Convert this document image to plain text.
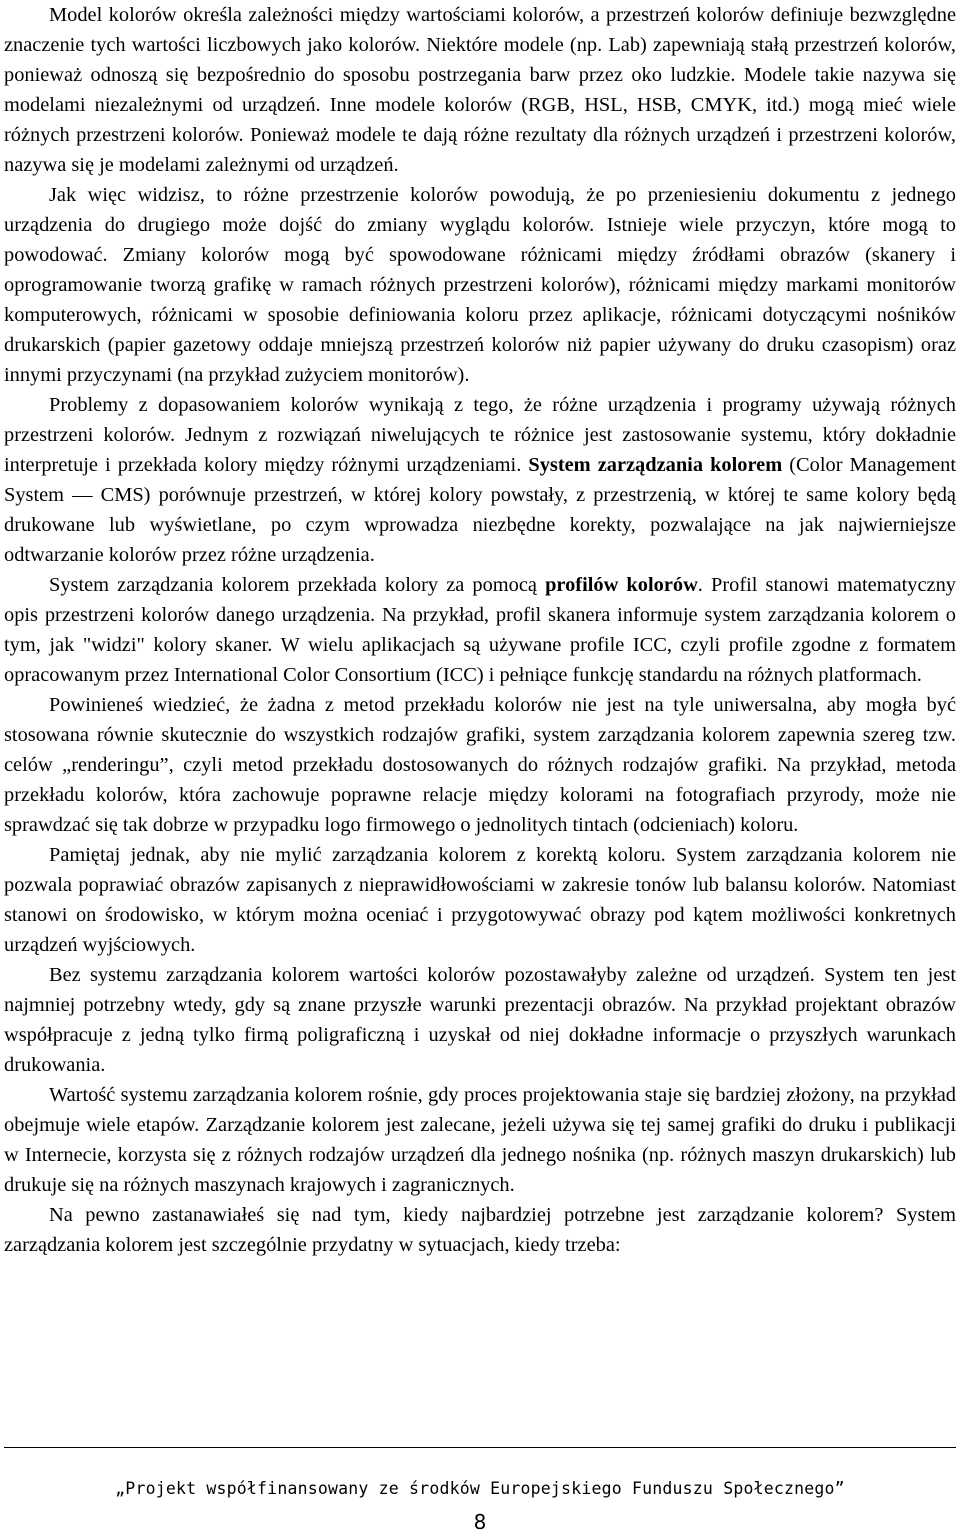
Model kolorów określa zależności między wartościami kolorów, a przestrzeń kolorów definiuje bezwzględne znaczenie tych wartości liczbowych jako kolorów. Niektóre modele (np. Lab) zapewniają stałą przestrzeń kolorów, ponieważ odnoszą się bezpośrednio do sposobu postrzegania barw przez oko ludzkie. Modele takie nazywa się modelami niezależnymi od urządzeń. Inne modele kolorów (RGB, HSL, HSB, CMYK, itd.) mogą mieć wiele różnych przestrzeni kolorów. Ponieważ modele te dają różne rezultaty dla różnych urządzeń i przestrzeni kolorów, nazywa się je modelami zależnymi od urządzeń.

Jak więc widzisz, to różne przestrzenie kolorów powodują, że po przeniesieniu dokumentu z jednego urządzenia do drugiego może dojść do zmiany wyglądu kolorów. Istnieje wiele przyczyn, które mogą to powodować. Zmiany kolorów mogą być spowodowane różnicami między źródłami obrazów (skanery i oprogramowanie tworzą grafikę w ramach różnych przestrzeni kolorów), różnicami między markami monitorów komputerowych, różnicami w sposobie definiowania koloru przez aplikacje, różnicami dotyczącymi nośników drukarskich (papier gazetowy oddaje mniejszą przestrzeń kolorów niż papier używany do druku czasopism) oraz innymi przyczynami (na przykład zużyciem monitorów).

Problemy z dopasowaniem kolorów wynikają z tego, że różne urządzenia i programy używają różnych przestrzeni kolorów. Jednym z rozwiązań niwelujących te różnice jest zastosowanie systemu, który dokładnie interpretuje i przekłada kolory między różnymi urządzeniami. System zarządzania kolorem (Color Management System — CMS) porównuje przestrzeń, w której kolory powstały, z przestrzenią, w której te same kolory będą drukowane lub wyświetlane, po czym wprowadza niezbędne korekty, pozwalające na jak najwierniejsze odtwarzanie kolorów przez różne urządzenia.

System zarządzania kolorem przekłada kolory za pomocą profilów kolorów. Profil stanowi matematyczny opis przestrzeni kolorów danego urządzenia. Na przykład, profil skanera informuje system zarządzania kolorem o tym, jak "widzi" kolory skaner. W wielu aplikacjach są używane profile ICC, czyli profile zgodne z formatem opracowanym przez International Color Consortium (ICC) i pełniące funkcję standardu na różnych platformach.

Powinieneś wiedzieć, że żadna z metod przekładu kolorów nie jest na tyle uniwersalna, aby mogła być stosowana równie skutecznie do wszystkich rodzajów grafiki, system zarządzania kolorem zapewnia szereg tzw. celów „renderingu”, czyli metod przekładu dostosowanych do różnych rodzajów grafiki. Na przykład, metoda przekładu kolorów, która zachowuje poprawne relacje między kolorami na fotografiach przyrody, może nie sprawdzać się tak dobrze w przypadku logo firmowego o jednolitych tintach (odcieniach) koloru.

Pamiętaj jednak, aby nie mylić zarządzania kolorem z korektą koloru. System zarządzania kolorem nie pozwala poprawiać obrazów zapisanych z nieprawidłowościami w zakresie tonów lub balansu kolorów. Natomiast stanowi on środowisko, w którym można oceniać i przygotowywać obrazy pod kątem możliwości konkretnych urządzeń wyjściowych.

Bez systemu zarządzania kolorem wartości kolorów pozostawałyby zależne od urządzeń. System ten jest najmniej potrzebny wtedy, gdy są znane przyszłe warunki prezentacji obrazów. Na przykład projektant obrazów współpracuje z jedną tylko firmą poligraficzną i uzyskał od niej dokładne informacje o przyszłych warunkach drukowania.

Wartość systemu zarządzania kolorem rośnie, gdy proces projektowania staje się bardziej złożony, na przykład obejmuje wiele etapów. Zarządzanie kolorem jest zalecane, jeżeli używa się tej samej grafiki do druku i publikacji w Internecie, korzysta się z różnych rodzajów urządzeń dla jednego nośnika (np. różnych maszyn drukarskich) lub drukuje się na różnych maszynach krajowych i zagranicznych.

Na pewno zastanawiałeś się nad tym, kiedy najbardziej potrzebne jest zarządzanie kolorem? System zarządzania kolorem jest szczególnie przydatny w sytuacjach, kiedy trzeba:

„Projekt współfinansowany ze środków Europejskiego Funduszu Społecznego”
8
